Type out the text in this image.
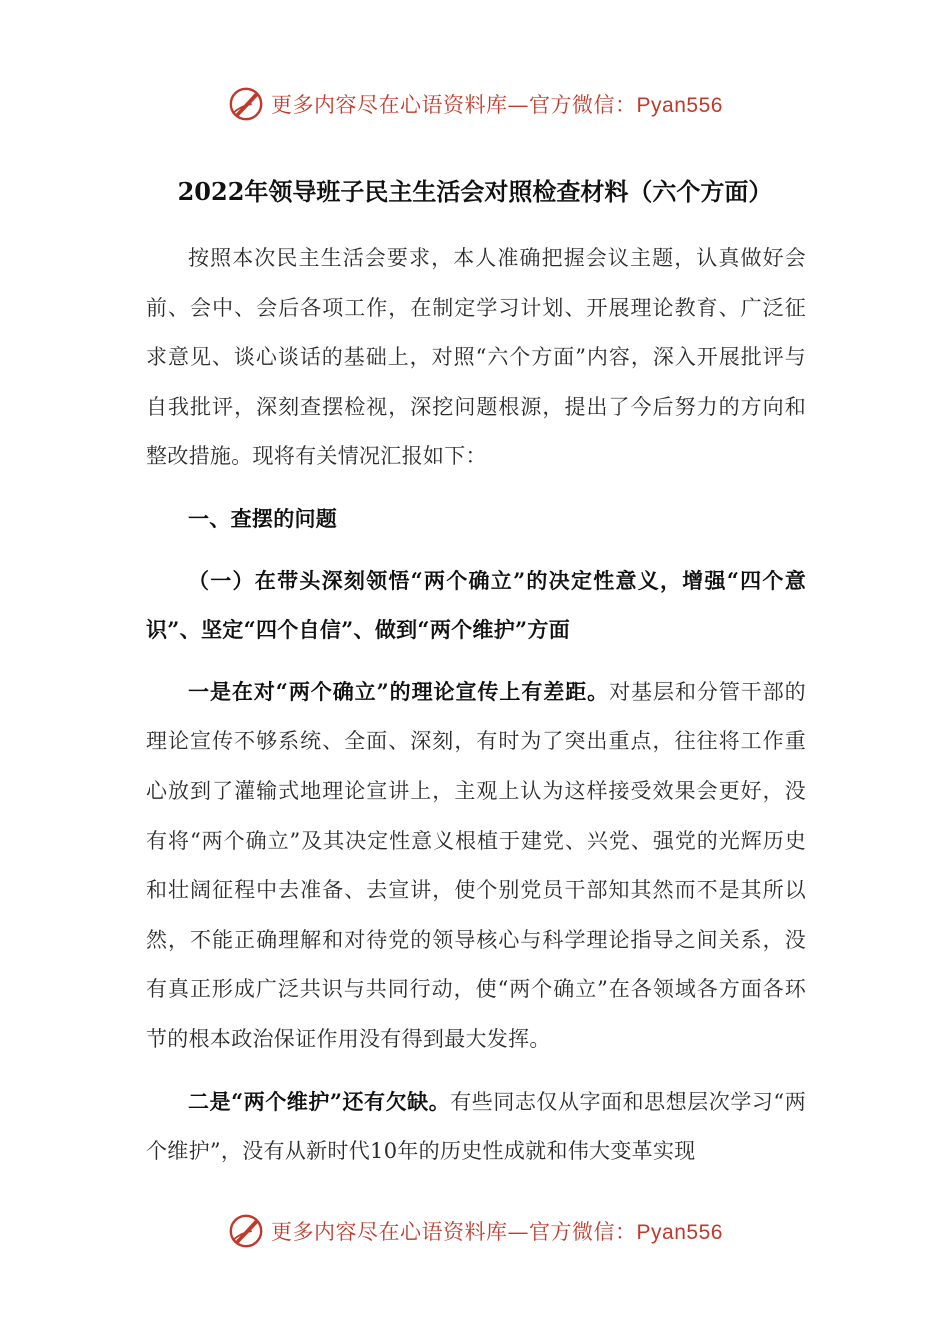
更多内容尽在心语资料库—官方微信：Pyan556
2022年领导班子民主生活会对照检查材料（六个方面）

按照本次民主生活会要求，本人准确把握会议主题，认真做好会前、会中、会后各项工作，在制定学习计划、开展理论教育、广泛征求意见、谈心谈话的基础上，对照“六个方面”内容，深入开展批评与自我批评，深刻查摆检视，深挖问题根源，提出了今后努力的方向和整改措施。现将有关情况汇报如下：

一、查摆的问题

（一）在带头深刻领悟“两个确立”的决定性意义，增强“四个意识”、坚定“四个自信”、做到“两个维护”方面

一是在对“两个确立”的理论宣传上有差距。对基层和分管干部的理论宣传不够系统、全面、深刻，有时为了突出重点，往往将工作重心放到了灌输式地理论宣讲上，主观上认为这样接受效果会更好，没有将“两个确立”及其决定性意义根植于建党、兴党、强党的光辉历史和壮阔征程中去准备、去宣讲，使个别党员干部知其然而不是其所以然，不能正确理解和对待党的领导核心与科学理论指导之间关系，没有真正形成广泛共识与共同行动，使“两个确立”在各领域各方面各环节的根本政治保证作用没有得到最大发挥。

二是“两个维护”还有欠缺。有些同志仅从字面和思想层次学习“两个维护”，没有从新时代10年的历史性成就和伟大变革实现

更多内容尽在心语资料库—官方微信：Pyan556
